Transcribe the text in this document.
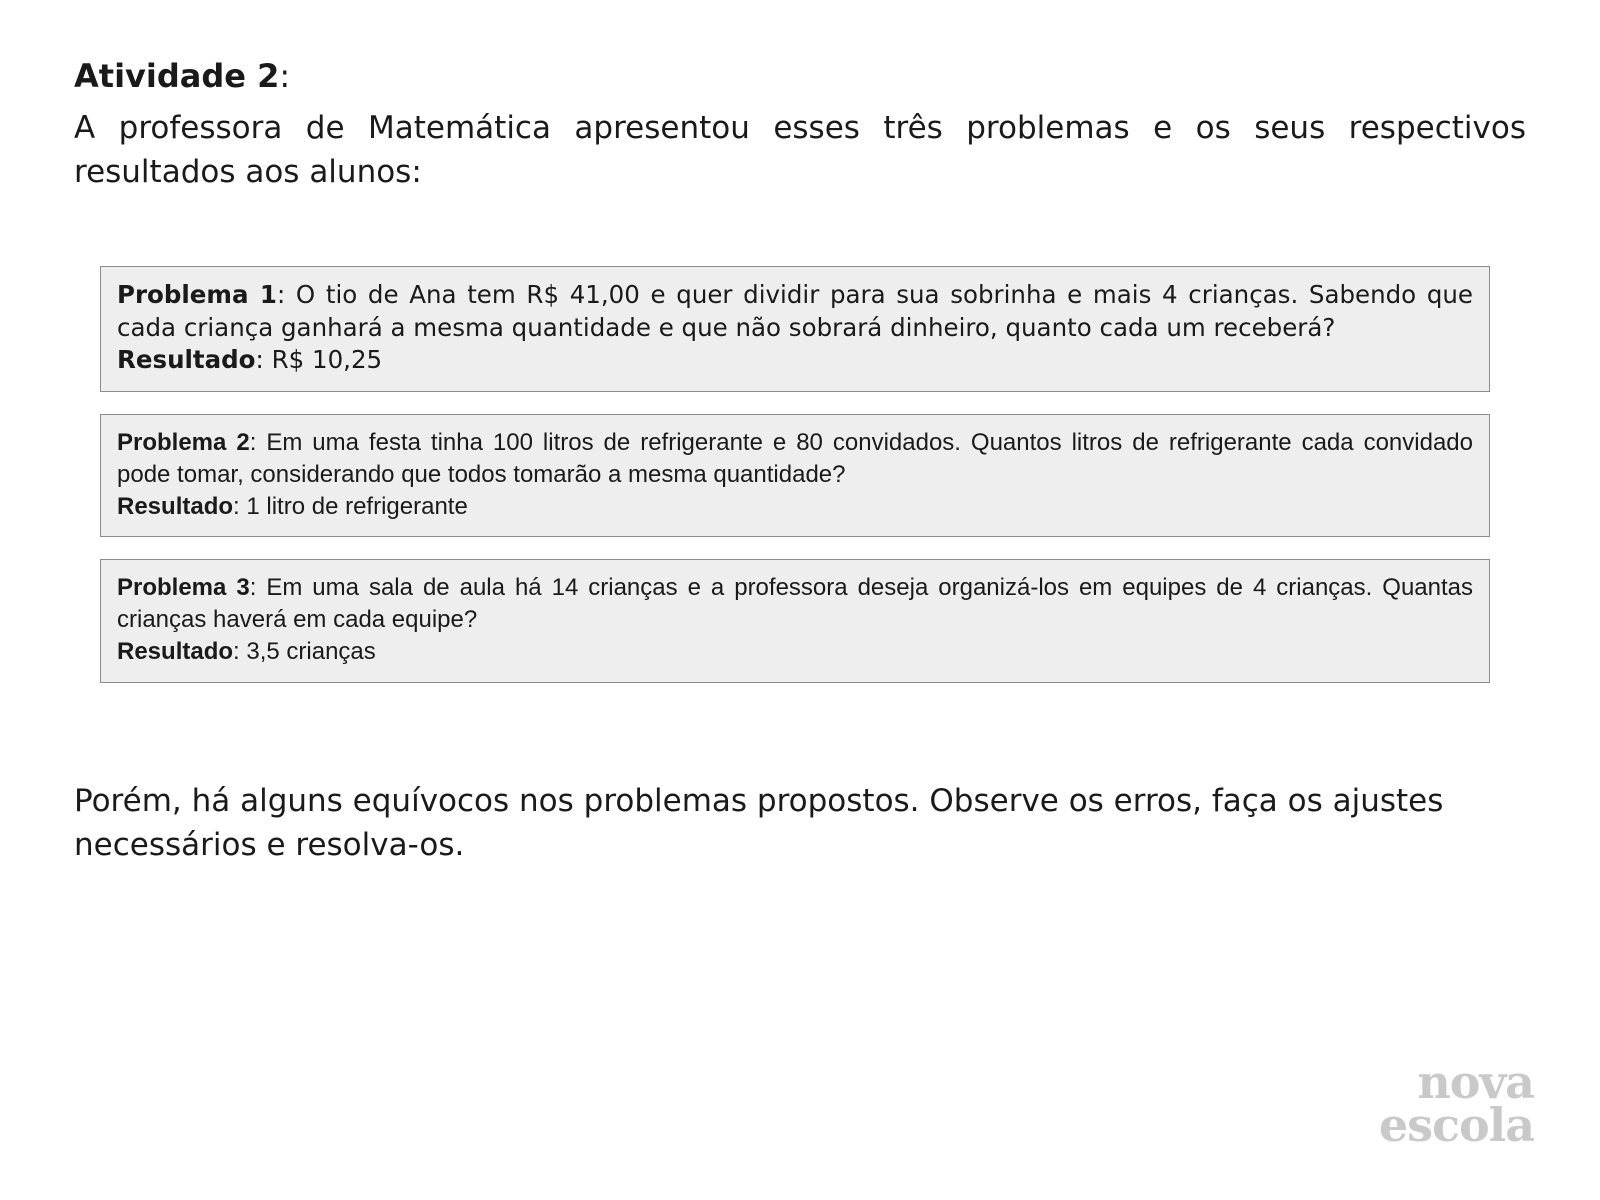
Atividade 2:

A professora de Matemática apresentou esses três problemas e os seus respectivos resultados aos alunos:

Problema 1: O tio de Ana tem R$ 41,00 e quer dividir para sua sobrinha e mais 4 crianças. Sabendo que cada criança ganhará a mesma quantidade e que não sobrará dinheiro, quanto cada um receberá?

Resultado: R$ 10,25

Problema 2: Em uma festa tinha 100 litros de refrigerante e 80 convidados. Quantos litros de refrigerante cada convidado pode tomar, considerando que todos tomarão a mesma quantidade?

Resultado: 1 litro de refrigerante

Problema 3: Em uma sala de aula há 14 crianças e a professora deseja organizá-los em equipes de 4 crianças. Quantas crianças haverá em cada equipe?

Resultado: 3,5 crianças

Porém, há alguns equívocos nos problemas propostos. Observe os erros, faça os ajustes necessários e resolva-os.

nova
escola
